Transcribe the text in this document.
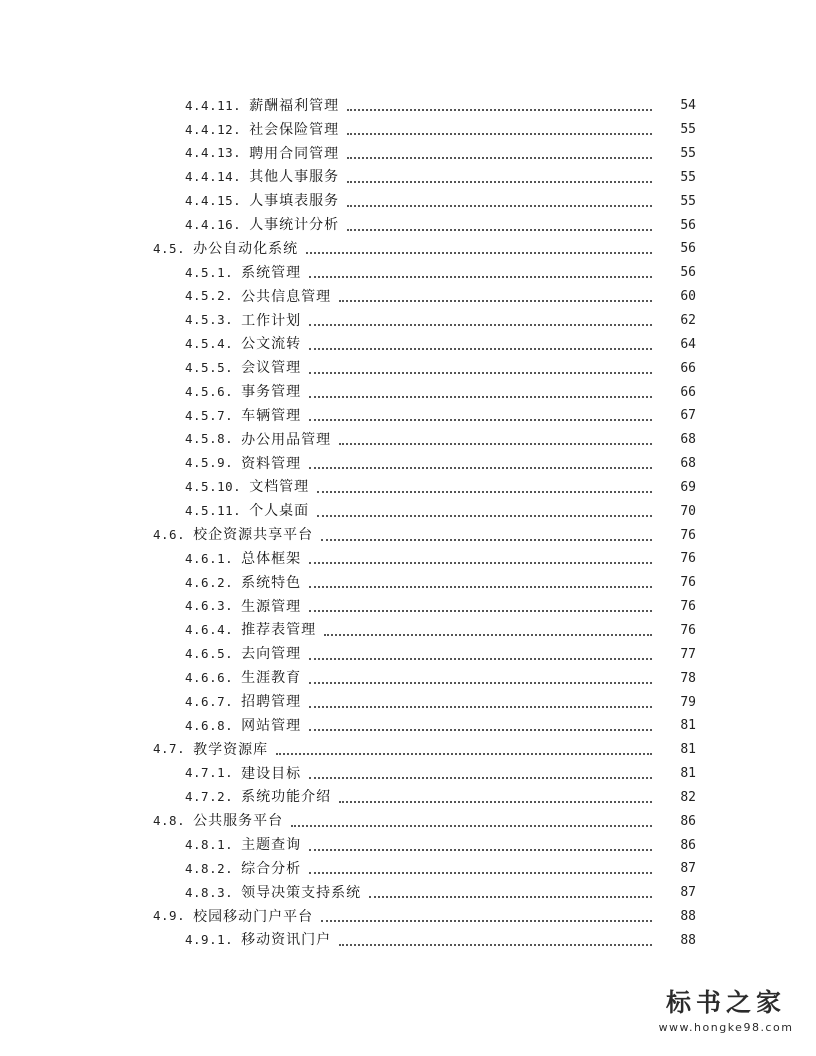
4.4.11. 薪酬福利管理	54
4.4.12. 社会保险管理	55
4.4.13. 聘用合同管理	55
4.4.14. 其他人事服务	55
4.4.15. 人事填表服务	55
4.4.16. 人事统计分析	56
4.5. 办公自动化系统	56
4.5.1. 系统管理	56
4.5.2. 公共信息管理	60
4.5.3. 工作计划	62
4.5.4. 公文流转	64
4.5.5. 会议管理	66
4.5.6. 事务管理	66
4.5.7. 车辆管理	67
4.5.8. 办公用品管理	68
4.5.9. 资料管理	68
4.5.10. 文档管理	69
4.5.11. 个人桌面	70
4.6. 校企资源共享平台	76
4.6.1. 总体框架	76
4.6.2. 系统特色	76
4.6.3. 生源管理	76
4.6.4. 推荐表管理	76
4.6.5. 去向管理	77
4.6.6. 生涯教育	78
4.6.7. 招聘管理	79
4.6.8. 网站管理	81
4.7. 教学资源库	81
4.7.1. 建设目标	81
4.7.2. 系统功能介绍	82
4.8. 公共服务平台	86
4.8.1. 主题查询	86
4.8.2. 综合分析	87
4.8.3. 领导决策支持系统	87
4.9. 校园移动门户平台	88
4.9.1. 移动资讯门户	88
标书之家
www.hongke98.com
